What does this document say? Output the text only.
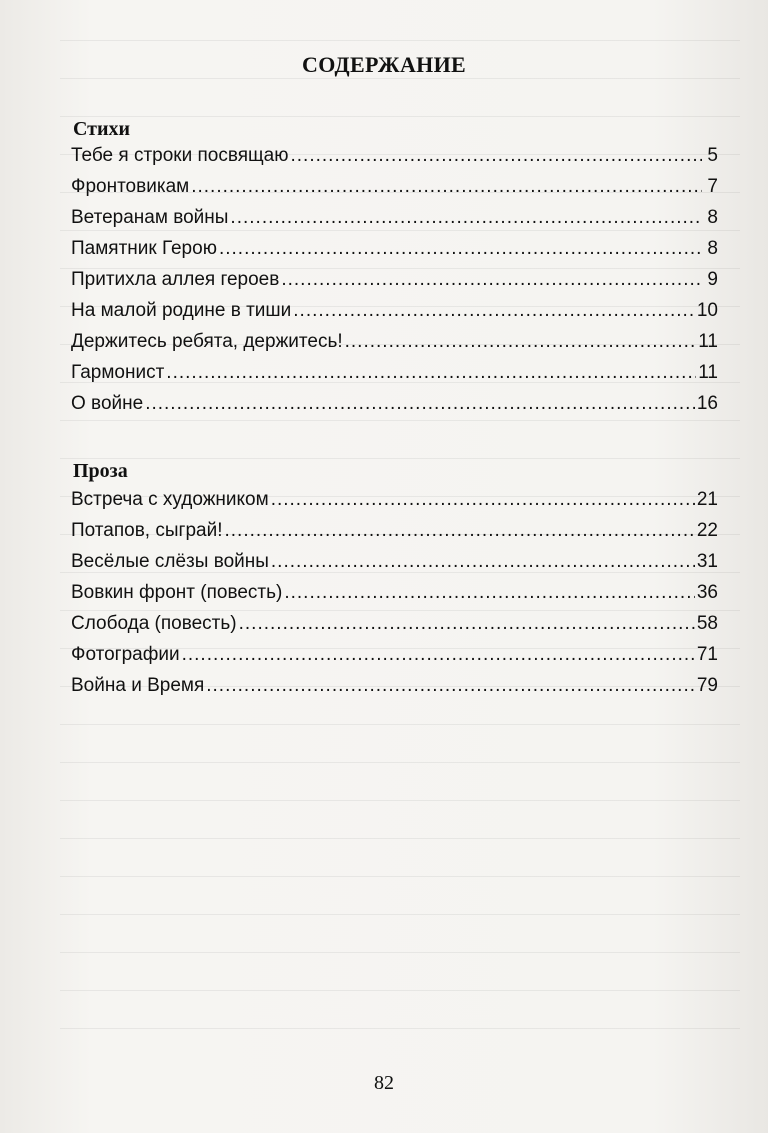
СОДЕРЖАНИЕ
Стихи
Тебе я строки посвящаю .....	5
Фронтовикам .....	7
Ветеранам войны .....	8
Памятник Герою .....	8
Притихла аллея героев .....	9
На малой родине в тиши .....	10
Держитесь ребята, держитесь! .....	11
Гармонист .....	11
О войне .....	16
Проза
Встреча с художником .....	21
Потапов, сыграй! .....	22
Весёлые слёзы войны .....	31
Вовкин фронт (повесть) .....	36
Слобода (повесть) .....	58
Фотографии .....	71
Война и Время .....	79
82
